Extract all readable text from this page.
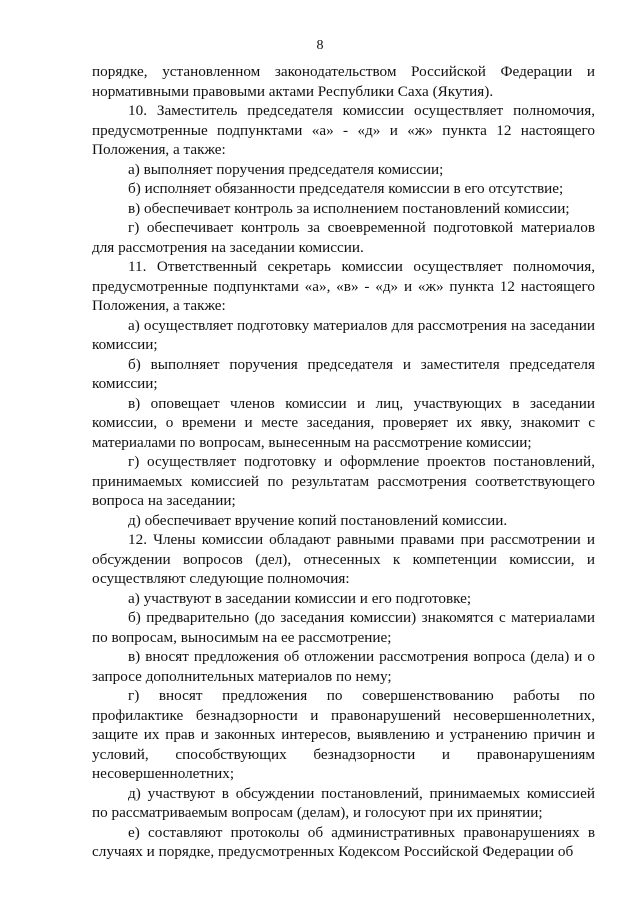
8

порядке, установленном законодательством Российской Федерации и нормативными правовыми актами Республики Саха (Якутия).

10. Заместитель председателя комиссии осуществляет полномочия, предусмотренные подпунктами «а» - «д» и «ж» пункта 12 настоящего Положения, а также:

а) выполняет поручения председателя комиссии;

б) исполняет обязанности председателя комиссии в его отсутствие;

в) обеспечивает контроль за исполнением постановлений комиссии;

г) обеспечивает контроль за своевременной подготовкой материалов для рассмотрения на заседании комиссии.

11. Ответственный секретарь комиссии осуществляет полномочия, предусмотренные подпунктами «а», «в» - «д» и «ж» пункта 12 настоящего Положения, а также:

а) осуществляет подготовку материалов для рассмотрения на заседании комиссии;

б) выполняет поручения председателя и заместителя председателя комиссии;

в) оповещает членов комиссии и лиц, участвующих в заседании комиссии, о времени и месте заседания, проверяет их явку, знакомит с материалами по вопросам, вынесенным на рассмотрение комиссии;

г) осуществляет подготовку и оформление проектов постановлений, принимаемых комиссией по результатам рассмотрения соответствующего вопроса на заседании;

д) обеспечивает вручение копий постановлений комиссии.

12. Члены комиссии обладают равными правами при рассмотрении и обсуждении вопросов (дел), отнесенных к компетенции комиссии, и осуществляют следующие полномочия:

а) участвуют в заседании комиссии и его подготовке;

б) предварительно (до заседания комиссии) знакомятся с материалами по вопросам, выносимым на ее рассмотрение;

в) вносят предложения об отложении рассмотрения вопроса (дела) и о запросе дополнительных материалов по нему;

г) вносят предложения по совершенствованию работы по профилактике безнадзорности и правонарушений несовершеннолетних, защите их прав и законных интересов, выявлению и устранению причин и условий, способствующих безнадзорности и правонарушениям несовершеннолетних;

д) участвуют в обсуждении постановлений, принимаемых комиссией по рассматриваемым вопросам (делам), и голосуют при их принятии;

е) составляют протоколы об административных правонарушениях в случаях и порядке, предусмотренных Кодексом Российской Федерации об
